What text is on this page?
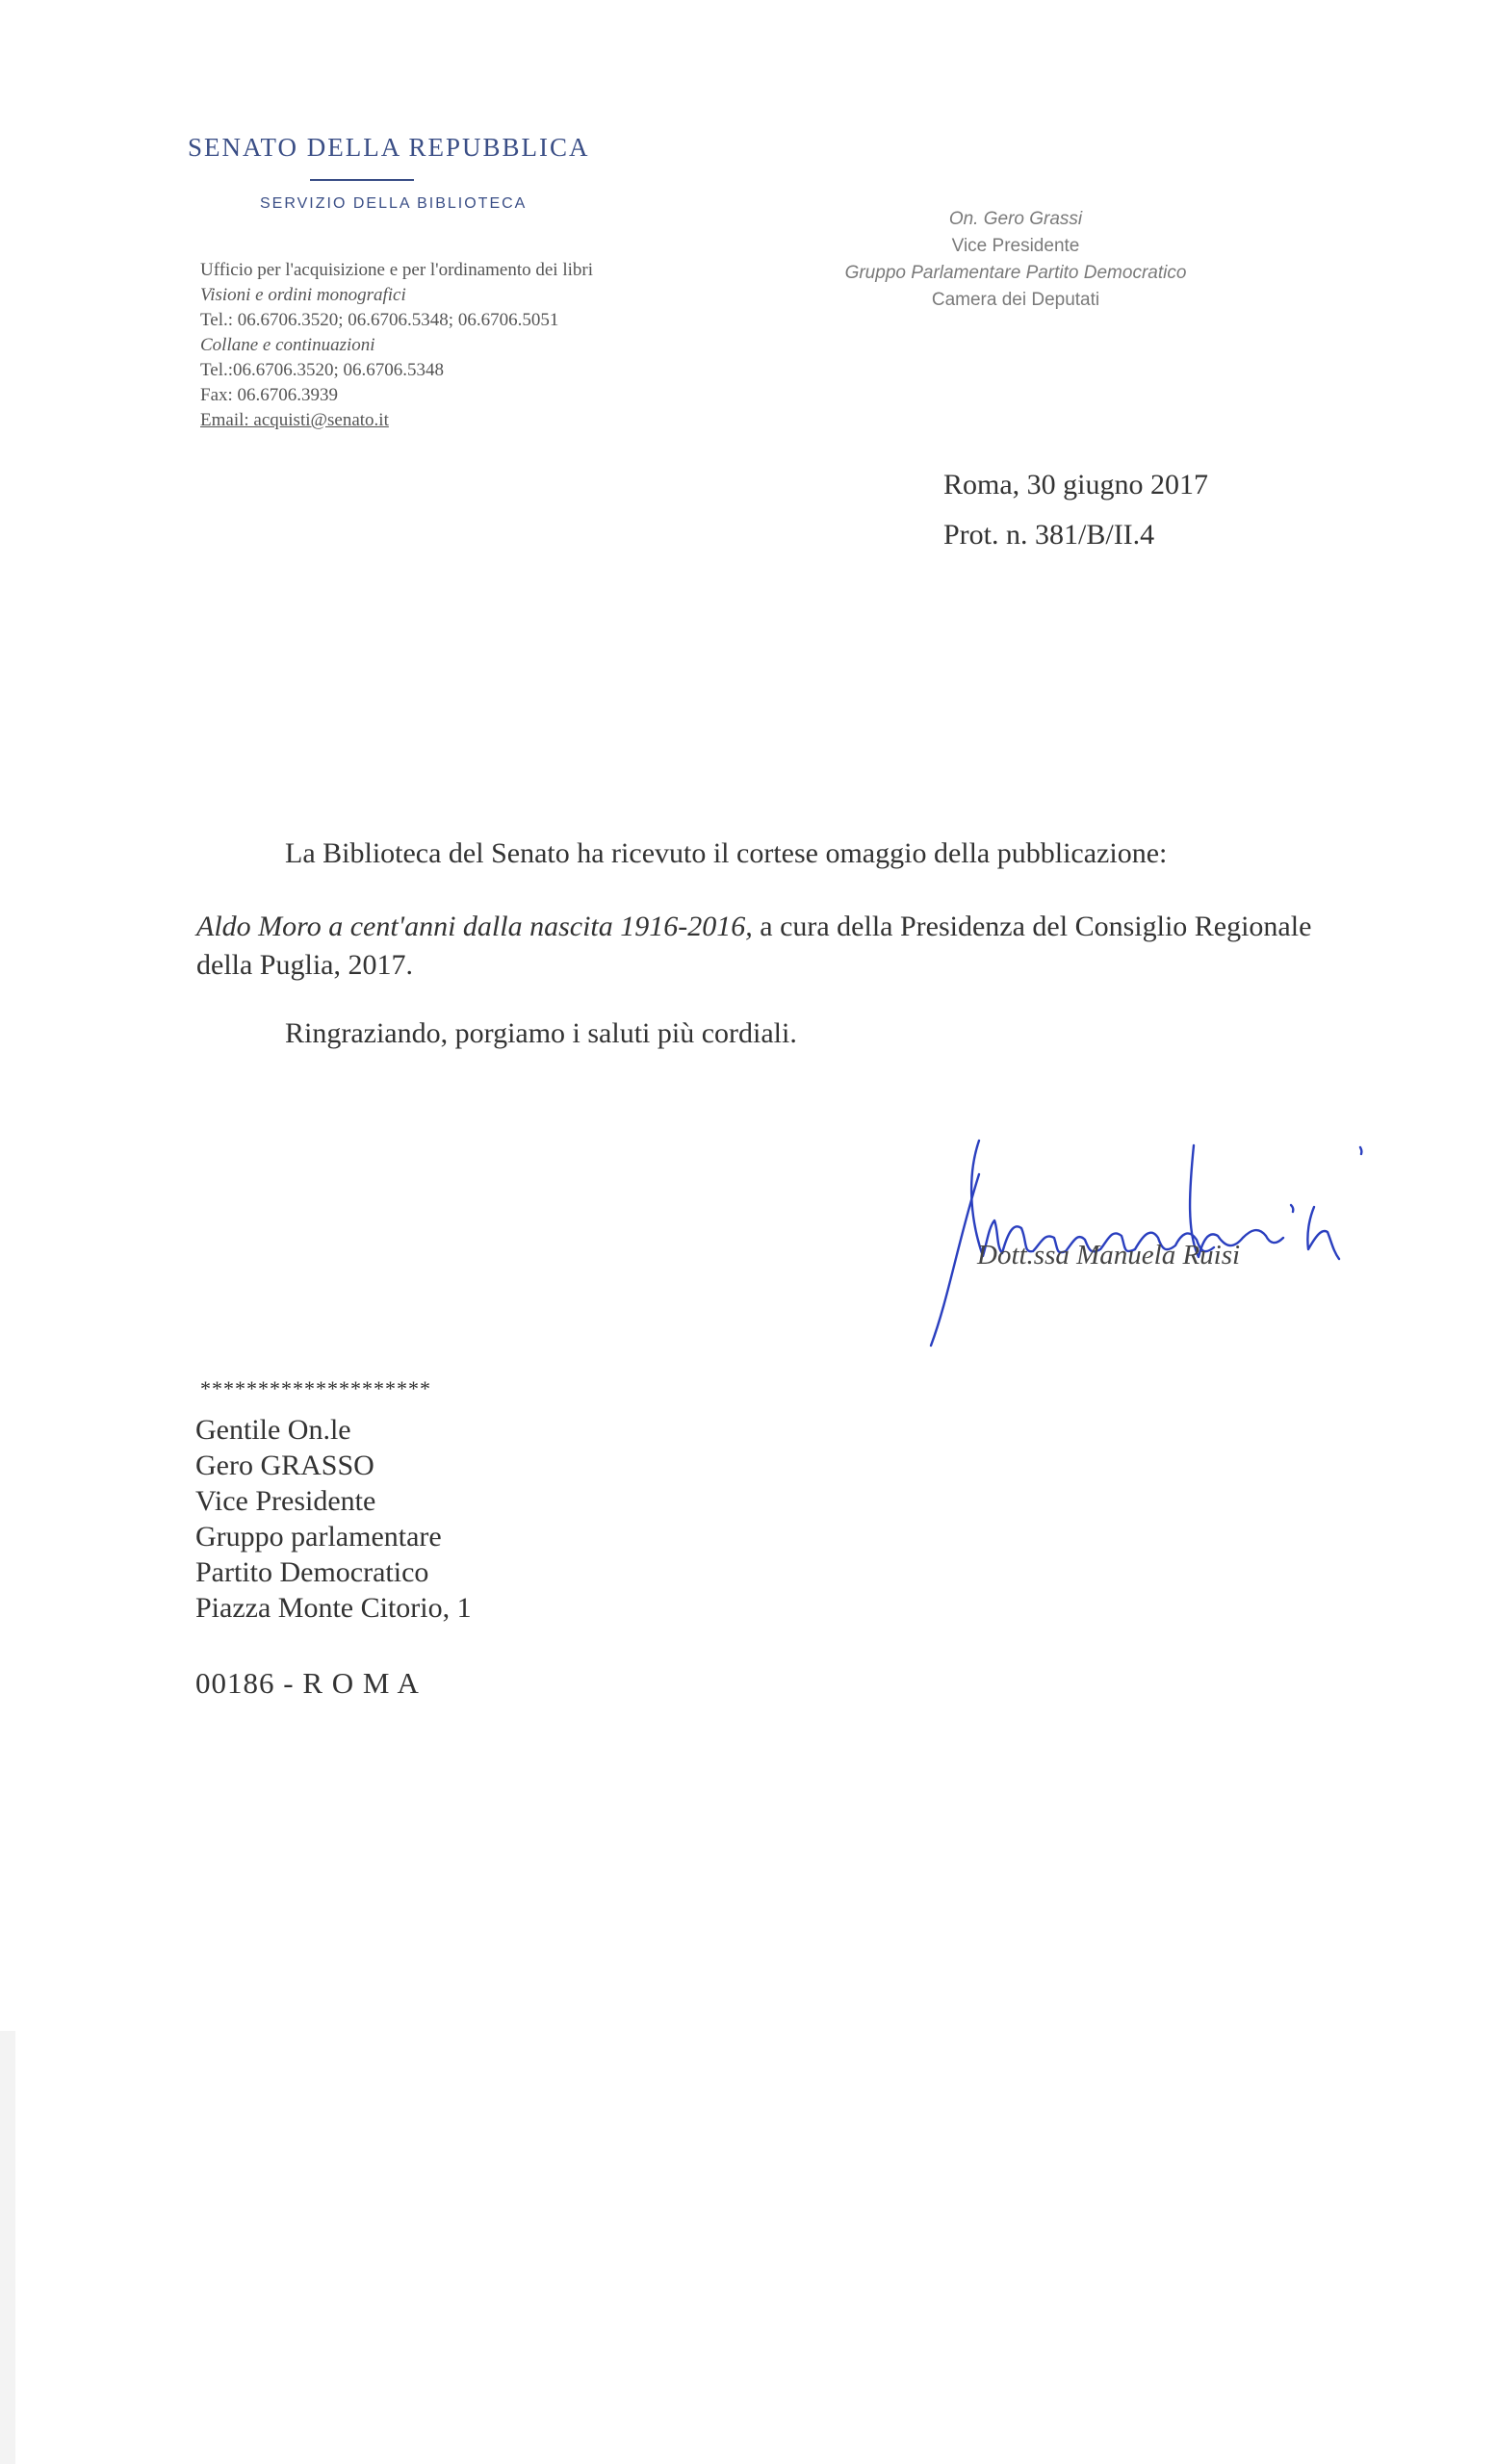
SENATO DELLA REPUBBLICA
SERVIZIO DELLA BIBLIOTECA
Ufficio per l'acquisizione e per l'ordinamento dei libri
Visioni e ordini monografici
Tel.: 06.6706.3520; 06.6706.5348; 06.6706.5051
Collane e continuazioni
Tel.:06.6706.3520; 06.6706.5348
Fax: 06.6706.3939
Email: acquisti@senato.it
On. Gero Grassi
Vice Presidente
Gruppo Parlamentare Partito Democratico
Camera dei Deputati
Roma, 30 giugno 2017
Prot. n. 381/B/II.4
La Biblioteca del Senato ha ricevuto il cortese omaggio della pubblicazione:
Aldo Moro a cent'anni dalla nascita 1916-2016, a cura della Presidenza del Consiglio Regionale della Puglia, 2017.
Ringraziando, porgiamo i saluti più cordiali.
Dott.ssa Manuela Ruisi
********************
Gentile On.le
Gero GRASSO
Vice Presidente
Gruppo parlamentare
Partito Democratico
Piazza Monte Citorio, 1
00186 - R O M A
